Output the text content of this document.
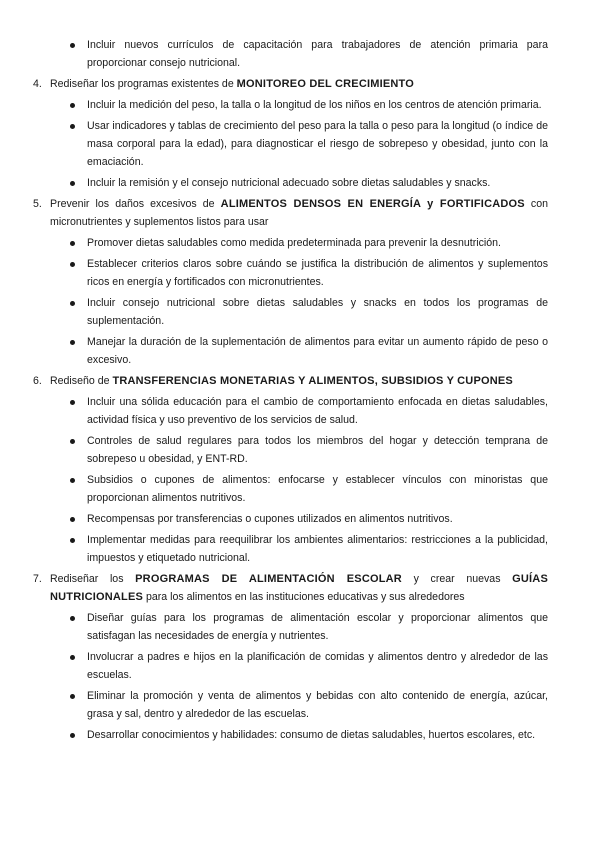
Incluir nuevos currículos de capacitación para trabajadores de atención primaria para proporcionar consejo nutricional.
4. Rediseñar los programas existentes de MONITOREO DEL CRECIMIENTO
Incluir la medición del peso, la talla o la longitud de los niños en los centros de atención primaria.
Usar indicadores y tablas de crecimiento del peso para la talla o peso para la longitud (o índice de masa corporal para la edad), para diagnosticar el riesgo de sobrepeso y obesidad, junto con la emaciación.
Incluir la remisión y el consejo nutricional adecuado sobre dietas saludables y snacks.
5. Prevenir los daños excesivos de ALIMENTOS DENSOS EN ENERGÍA y FORTIFICADOS con micronutrientes y suplementos listos para usar
Promover dietas saludables como medida predeterminada para prevenir la desnutrición.
Establecer criterios claros sobre cuándo se justifica la distribución de alimentos y suplementos ricos en energía y fortificados con micronutrientes.
Incluir consejo nutricional sobre dietas saludables y snacks en todos los programas de suplementación.
Manejar la duración de la suplementación de alimentos para evitar un aumento rápido de peso o excesivo.
6. Rediseño de TRANSFERENCIAS MONETARIAS Y ALIMENTOS, SUBSIDIOS Y CUPONES
Incluir una sólida educación para el cambio de comportamiento enfocada en dietas saludables, actividad física y uso preventivo de los servicios de salud.
Controles de salud regulares para todos los miembros del hogar y detección temprana de sobrepeso u obesidad, y ENT-RD.
Subsidios o cupones de alimentos: enfocarse y establecer vínculos con minoristas que proporcionan alimentos nutritivos.
Recompensas por transferencias o cupones utilizados en alimentos nutritivos.
Implementar medidas para reequilibrar los ambientes alimentarios: restricciones a la publicidad, impuestos y etiquetado nutricional.
7. Rediseñar los PROGRAMAS DE ALIMENTACIÓN ESCOLAR y crear nuevas GUÍAS NUTRICIONALES para los alimentos en las instituciones educativas y sus alrededores
Diseñar guías para los programas de alimentación escolar y proporcionar alimentos que satisfagan las necesidades de energía y nutrientes.
Involucrar a padres e hijos en la planificación de comidas y alimentos dentro y alrededor de las escuelas.
Eliminar la promoción y venta de alimentos y bebidas con alto contenido de energía, azúcar, grasa y sal, dentro y alrededor de las escuelas.
Desarrollar conocimientos y habilidades: consumo de dietas saludables, huertos escolares, etc.
